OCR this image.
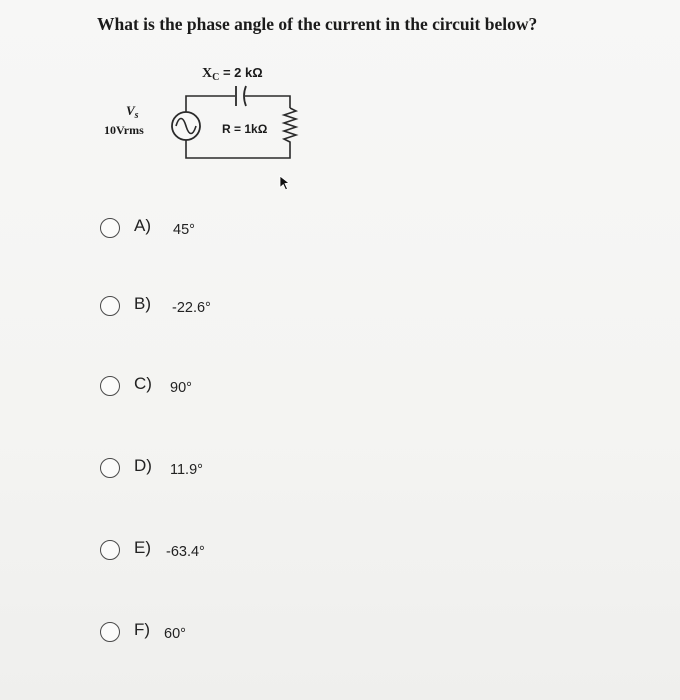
What is the phase angle of the current in the circuit below?
$X_C = 2$ kΩ
$V_s$
10Vrms	R = 1kΩ
A) 45°
B) -22.6°
C) 90°
D) 11.9°
E) -63.4°
F) 60°
